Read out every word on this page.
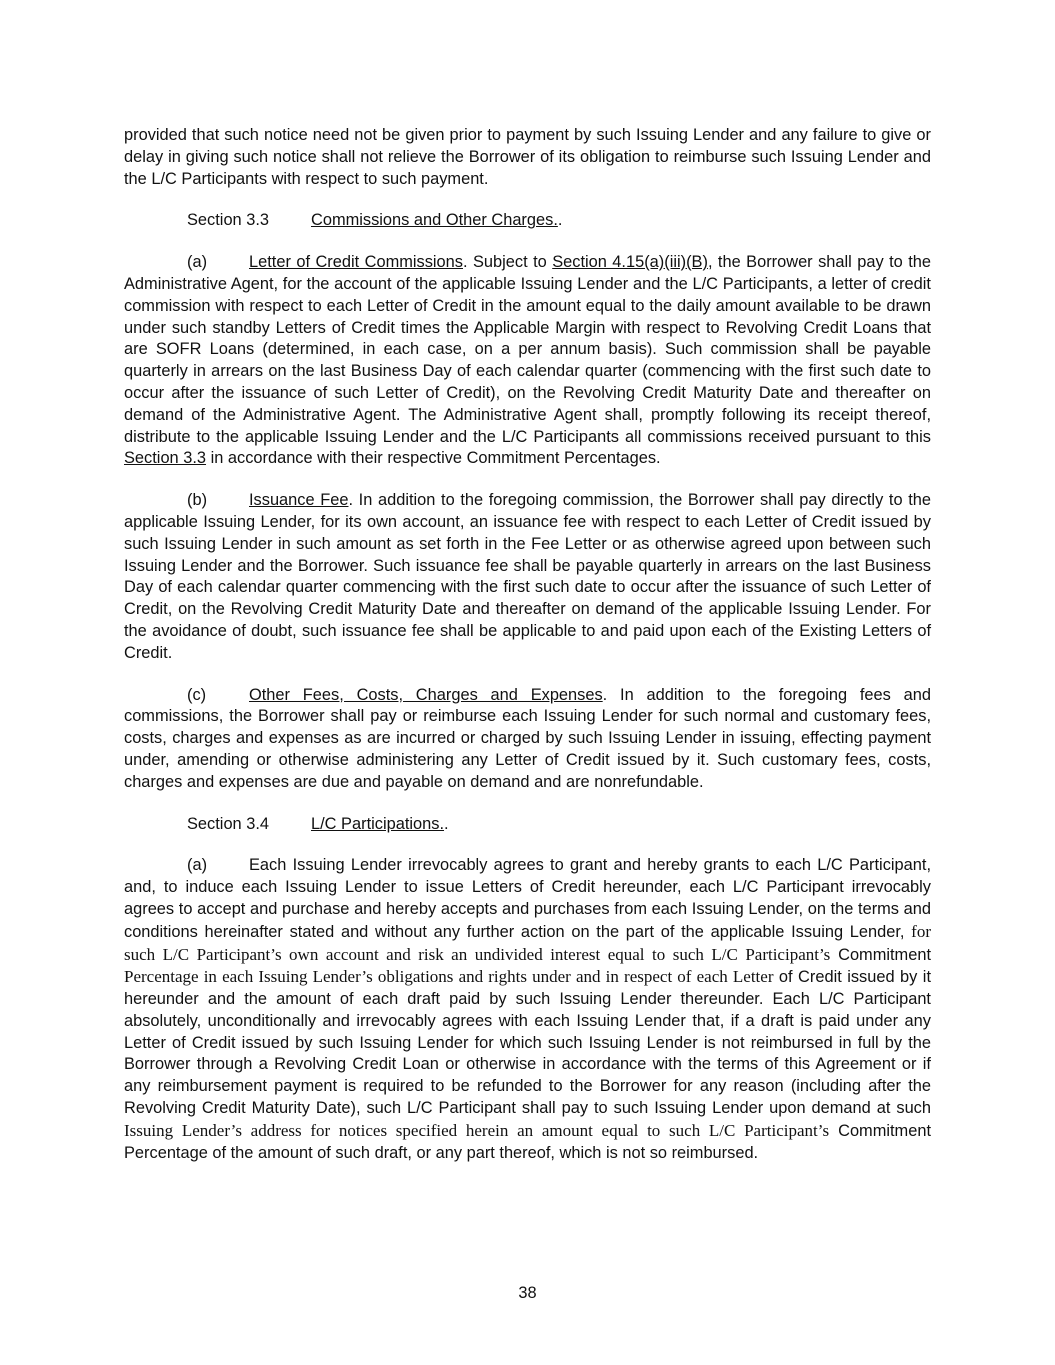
provided that such notice need not be given prior to payment by such Issuing Lender and any failure to give or delay in giving such notice shall not relieve the Borrower of its obligation to reimburse such Issuing Lender and the L/C Participants with respect to such payment.

Section 3.3	Commissions and Other Charges..

(a)	Letter of Credit Commissions. Subject to Section 4.15(a)(iii)(B), the Borrower shall pay to the Administrative Agent, for the account of the applicable Issuing Lender and the L/C Participants, a letter of credit commission with respect to each Letter of Credit in the amount equal to the daily amount available to be drawn under such standby Letters of Credit times the Applicable Margin with respect to Revolving Credit Loans that are SOFR Loans (determined, in each case, on a per annum basis). Such commission shall be payable quarterly in arrears on the last Business Day of each calendar quarter (commencing with the first such date to occur after the issuance of such Letter of Credit), on the Revolving Credit Maturity Date and thereafter on demand of the Administrative Agent. The Administrative Agent shall, promptly following its receipt thereof, distribute to the applicable Issuing Lender and the L/C Participants all commissions received pursuant to this Section 3.3 in accordance with their respective Commitment Percentages.

(b)	Issuance Fee. In addition to the foregoing commission, the Borrower shall pay directly to the applicable Issuing Lender, for its own account, an issuance fee with respect to each Letter of Credit issued by such Issuing Lender in such amount as set forth in the Fee Letter or as otherwise agreed upon between such Issuing Lender and the Borrower. Such issuance fee shall be payable quarterly in arrears on the last Business Day of each calendar quarter commencing with the first such date to occur after the issuance of such Letter of Credit, on the Revolving Credit Maturity Date and thereafter on demand of the applicable Issuing Lender. For the avoidance of doubt, such issuance fee shall be applicable to and paid upon each of the Existing Letters of Credit.

(c)	Other Fees, Costs, Charges and Expenses. In addition to the foregoing fees and commissions, the Borrower shall pay or reimburse each Issuing Lender for such normal and customary fees, costs, charges and expenses as are incurred or charged by such Issuing Lender in issuing, effecting payment under, amending or otherwise administering any Letter of Credit issued by it. Such customary fees, costs, charges and expenses are due and payable on demand and are nonrefundable.

Section 3.4	L/C Participations..

(a)	Each Issuing Lender irrevocably agrees to grant and hereby grants to each L/C Participant, and, to induce each Issuing Lender to issue Letters of Credit hereunder, each L/C Participant irrevocably agrees to accept and purchase and hereby accepts and purchases from each Issuing Lender, on the terms and conditions hereinafter stated and without any further action on the part of the applicable Issuing Lender, for such L/C Participant’s own account and risk an undivided interest equal to such L/C Participant’s Commitment Percentage in each Issuing Lender’s obligations and rights under and in respect of each Letter of Credit issued by it hereunder and the amount of each draft paid by such Issuing Lender thereunder. Each L/C Participant absolutely, unconditionally and irrevocably agrees with each Issuing Lender that, if a draft is paid under any Letter of Credit issued by such Issuing Lender for which such Issuing Lender is not reimbursed in full by the Borrower through a Revolving Credit Loan or otherwise in accordance with the terms of this Agreement or if any reimbursement payment is required to be refunded to the Borrower for any reason (including after the Revolving Credit Maturity Date), such L/C Participant shall pay to such Issuing Lender upon demand at such Issuing Lender’s address for notices specified herein an amount equal to such L/C Participant’s Commitment Percentage of the amount of such draft, or any part thereof, which is not so reimbursed.

38
